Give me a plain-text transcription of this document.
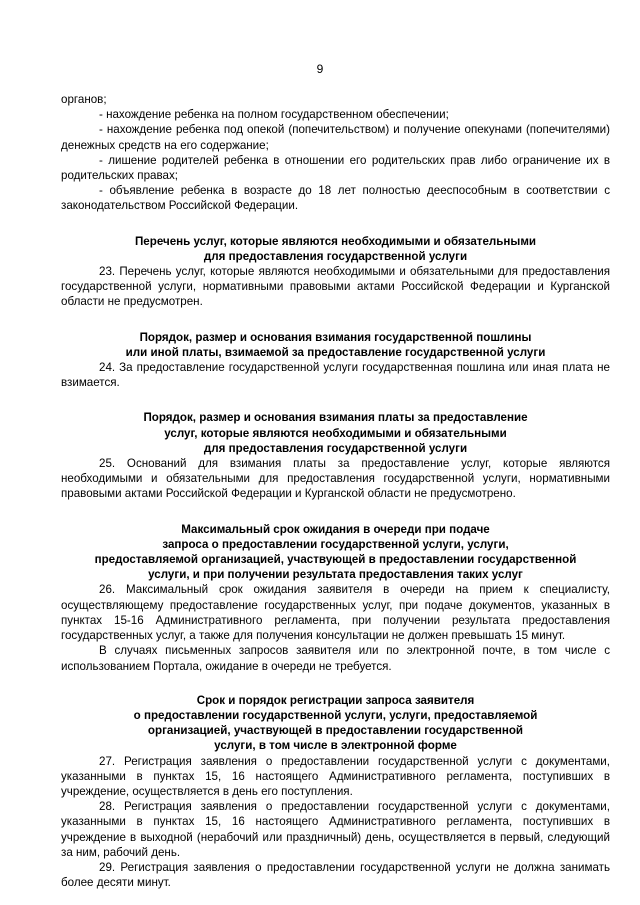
9

органов;

- нахождение ребенка на полном государственном обеспечении;

- нахождение ребенка под опекой (попечительством) и получение опекунами (попечителями) денежных средств на его содержание;

- лишение родителей ребенка в отношении его родительских прав либо ограничение их в родительских правах;

- объявление ребенка в возрасте до 18 лет полностью дееспособным в соответствии с законодательством Российской Федерации.

Перечень услуг, которые являются необходимыми и обязательными
для предоставления государственной услуги

23. Перечень услуг, которые являются необходимыми и обязательными для предоставления государственной услуги, нормативными правовыми актами Российской Федерации и Курганской области не предусмотрен.

Порядок, размер и основания взимания государственной пошлины
или иной платы, взимаемой за предоставление государственной услуги

24. За предоставление государственной услуги государственная пошлина или иная плата не взимается.

Порядок, размер и основания взимания платы за предоставление
услуг, которые являются необходимыми и обязательными
для предоставления государственной услуги

25. Оснований для взимания платы за предоставление услуг, которые являются необходимыми и обязательными для предоставления государственной услуги, нормативными правовыми актами Российской Федерации и Курганской области не предусмотрено.

Максимальный срок ожидания в очереди при подаче
запроса о предоставлении государственной услуги, услуги,
предоставляемой организацией, участвующей в предоставлении государственной
услуги, и при получении результата предоставления таких услуг

26. Максимальный срок ожидания заявителя в очереди на прием к специалисту, осуществляющему предоставление государственных услуг, при подаче документов, указанных в пунктах 15-16 Административного регламента, при получении результата предоставления государственных услуг, а также для получения консультации не должен превышать 15 минут.

В случаях письменных запросов заявителя или по электронной почте, в том числе с использованием Портала, ожидание в очереди не требуется.

Срок и порядок регистрации запроса заявителя
о предоставлении государственной услуги, услуги, предоставляемой
организацией, участвующей в предоставлении государственной
услуги, в том числе в электронной форме

27. Регистрация заявления о предоставлении государственной услуги с документами, указанными в пунктах 15, 16 настоящего Административного регламента, поступивших в учреждение, осуществляется в день его поступления.

28. Регистрация заявления о предоставлении государственной услуги с документами, указанными в пунктах 15, 16 настоящего Административного регламента, поступивших в учреждение в выходной (нерабочий или праздничный) день, осуществляется в первый, следующий за ним, рабочий день.

29. Регистрация заявления о предоставлении государственной услуги не должна занимать более десяти минут.
